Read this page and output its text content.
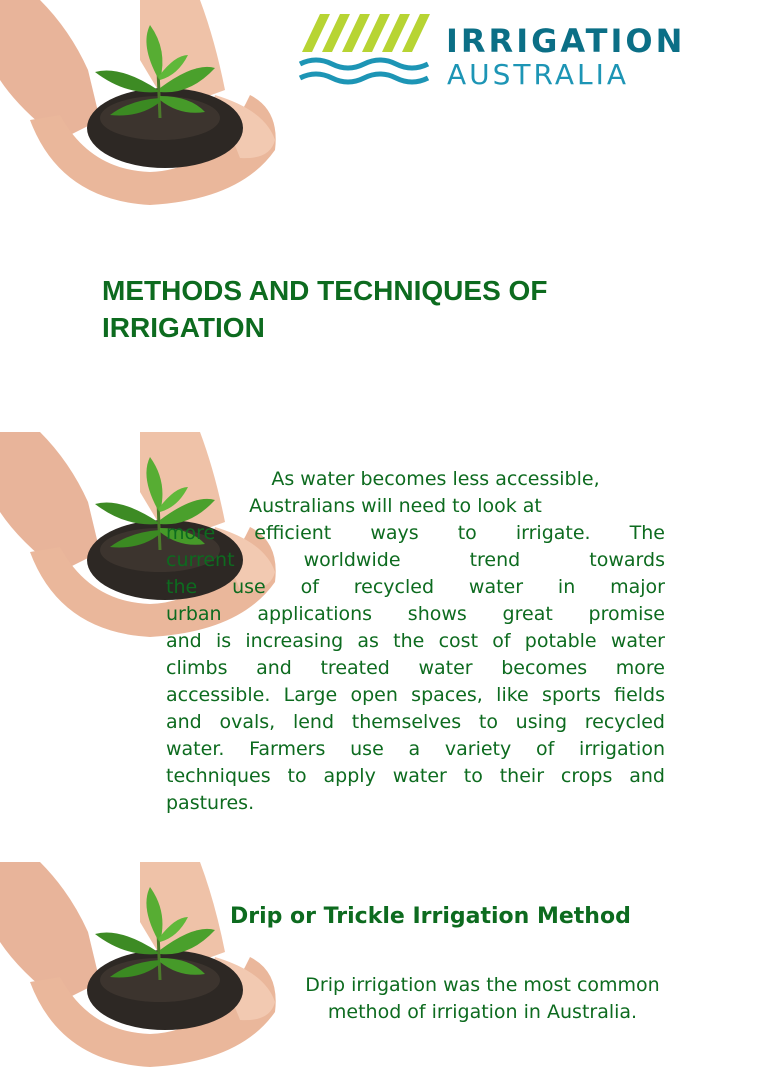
IRRIGATION
AUSTRALIA
METHODS AND TECHNIQUES OF IRRIGATION
As water becomes less accessible,
Australians will need to look at
more efficient ways to irrigate. The
current worldwide trend towards
the use of recycled water in major
urban applications shows great promise
and is increasing as the cost of potable water
climbs and treated water becomes more
accessible. Large open spaces, like sports fields
and ovals, lend themselves to using recycled
water. Farmers use a variety of irrigation
techniques to apply water to their crops and
pastures.
Drip or Trickle Irrigation Method
Drip irrigation was the most common
method of irrigation in Australia.
